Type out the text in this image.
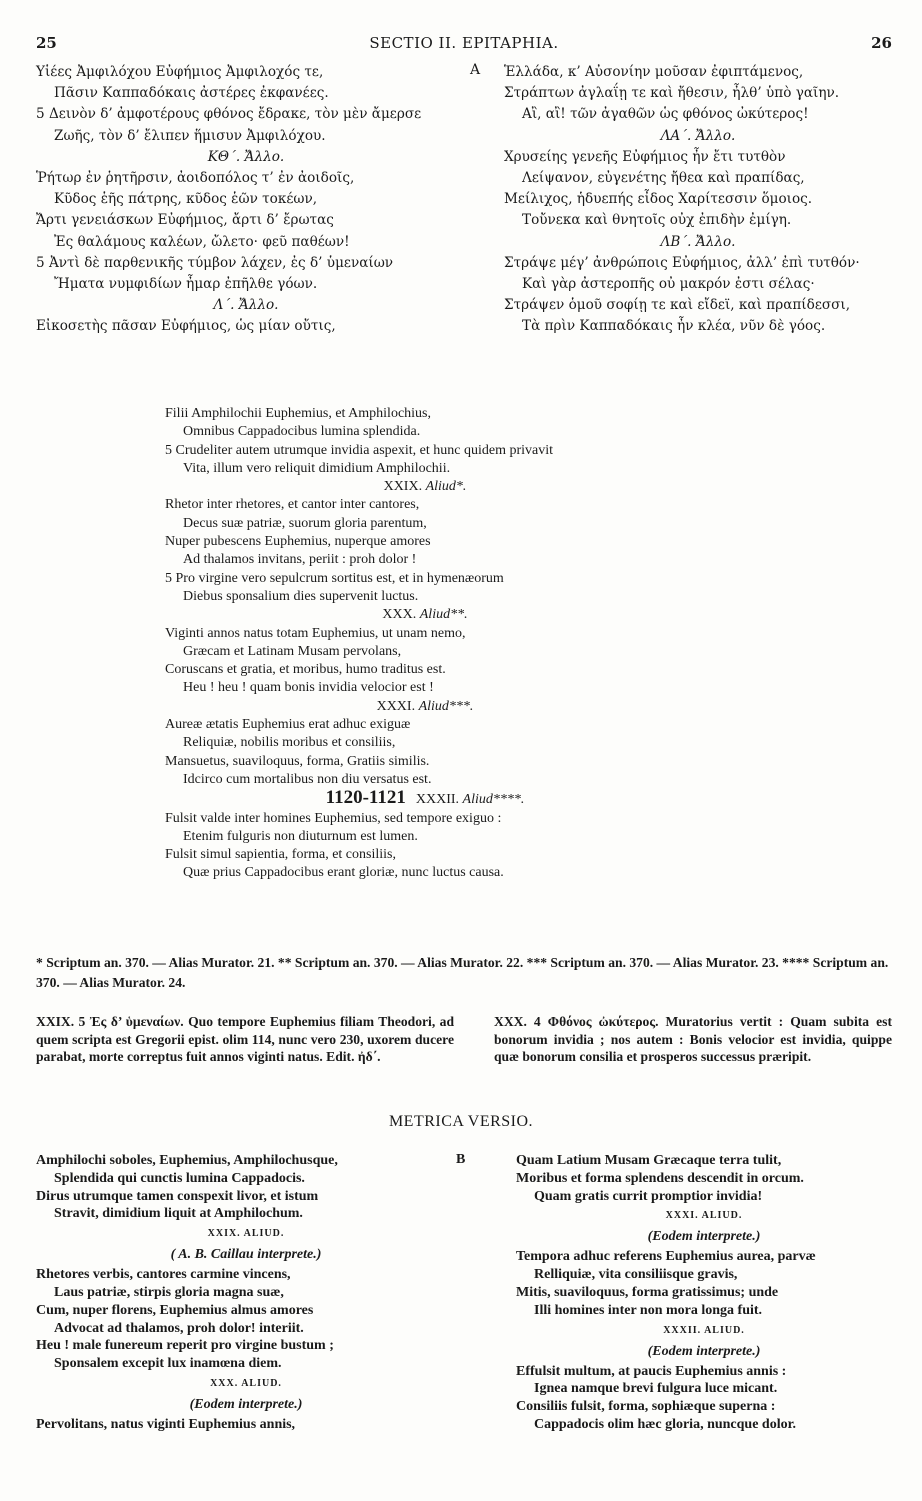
25	SECTIO II. EPITAPHIA.	26
Υἱέες Ἀμφιλόχου Εὐφήμιος Ἀμφιλοχός τε,
Πᾶσιν Καππαδόκαις ἀστέρες ἐκφανέες.
5 Δεινὸν δ’ ἀμφοτέρους φθόνος ἔδρακε, τὸν μὲν ἄμερσε
Ζωῆς, τὸν δ’ ἔλιπεν ἥμισυν Ἀμφιλόχου.
ΚΘ΄. Ἄλλο.
Ῥήτωρ ἐν ῥητῆρσιν, ἀοιδοπόλος τ’ ἐν ἀοιδοῖς,
Κῦδος ἑῆς πάτρης, κῦδος ἑῶν τοκέων,
Ἄρτι γενειάσκων Εὐφήμιος, ἄρτι δ’ ἔρωτας
Ἐς θαλάμους καλέων, ὤλετο· φεῦ παθέων!
5 Ἀντὶ δὲ παρθενικῆς τύμβον λάχεν, ἐς δ’ ὑμεναίων
Ἤματα νυμφιδίων ἦμαρ ἐπῆλθε γόων.
Λ΄. Ἄλλο.
Εἰκοσετὴς πᾶσαν Εὐφήμιος, ὡς μίαν οὔτις,
A	Ἑλλάδα, κ’ Αὐσονίην μοῦσαν ἐφιπτάμενος,
Στράπτων ἀγλαΐῃ τε καὶ ἤθεσιν, ἦλθ’ ὑπὸ γαῖην.
Αἲ, αἲ! τῶν ἀγαθῶν ὡς φθόνος ὠκύτερος!
ΛΑ΄. Ἄλλο.
Χρυσείης γενεῆς Εὐφήμιος ἦν ἔτι τυτθὸν
Λείψανον, εὐγενέτης ἤθεα καὶ πραπίδας,
Μείλιχος, ἡδυεπής εἶδος Χαρίτεσσιν ὅμοιος.
Τοὔνεκα καὶ θνητοῖς οὐχ ἐπιδὴν ἐμίγη.
ΛΒ΄. Ἄλλο.
Στράψε μέγ’ ἀνθρώποις Εὐφήμιος, ἀλλ’ ἐπὶ τυτθόν·
Καὶ γὰρ ἀστεροπῆς οὐ μακρόν ἐστι σέλας·
Στράψεν ὁμοῦ σοφίῃ τε καὶ εἴδεϊ, καὶ πραπίδεσσι,
Τὰ πρὶν Καππαδόκαις ἦν κλέα, νῦν δὲ γόος.
Filii Amphilochii Euphemius, et Amphilochius,
Omnibus Cappadocibus lumina splendida.
5 Crudeliter autem utrumque invidia aspexit, et hunc quidem privavit
Vita, illum vero reliquit dimidium Amphilochii.
XXIX. Aliud*.
Rhetor inter rhetores, et cantor inter cantores,
Decus suæ patriæ, suorum gloria parentum,
Nuper pubescens Euphemius, nuperque amores
Ad thalamos invitans, periit : proh dolor !
5 Pro virgine vero sepulcrum sortitus est, et in hymenæorum
Diebus sponsalium dies supervenit luctus.
XXX. Aliud**.
Viginti annos natus totam Euphemius, ut unam nemo,
Græcam et Latinam Musam pervolans,
Coruscans et gratia, et moribus, humo traditus est.
Heu ! heu ! quam bonis invidia velocior est !
XXXI. Aliud***.
Aureæ ætatis Euphemius erat adhuc exiguæ
Reliquiæ, nobilis moribus et consiliis,
Mansuetus, suaviloquus, forma, Gratiis similis.
Idcirco cum mortalibus non diu versatus est.
1120-1121 XXXII. Aliud****.
Fulsit valde inter homines Euphemius, sed tempore exiguo :
Etenim fulguris non diuturnum est lumen.
Fulsit simul sapientia, forma, et consiliis,
Quæ prius Cappadocibus erant gloriæ, nunc luctus causa.
* Scriptum an. 370. — Alias Murator. 21. ** Scriptum an. 370. — Alias Murator. 22. *** Scriptum an. 370. — Alias Murator. 23. **** Scriptum an. 370. — Alias Murator. 24.
XXIX. 5 Ἐς δ’ ὑμεναίων. Quo tempore Euphemius filiam Theodori, ad quem scripta est Gregorii epist. olim 114, nunc vero 230, uxorem ducere parabat, morte correptus fuit annos viginti natus. Edit. ἠδ΄.
XXX. 4 Φθόνος ὠκύτερος. Muratorius vertit : Quam subita est bonorum invidia ; nos autem : Bonis velocior est invidia, quippe quæ bonorum consilia et prosperos successus præripit.
METRICA VERSIO.
Amphilochi soboles, Euphemius, Amphilochusque,
Splendida qui cunctis lumina Cappadocis.
Dirus utrumque tamen conspexit livor, et istum
Stravit, dimidium liquit at Amphilochum.
XXIX. ALIUD.
( A. B. Caillau interprete.)
Rhetores verbis, cantores carmine vincens,
Laus patriæ, stirpis gloria magna suæ,
Cum, nuper florens, Euphemius almus amores
Advocat ad thalamos, proh dolor! interiit.
Heu ! male funereum reperit pro virgine bustum ;
Sponsalem excepit lux inamœna diem.
XXX. ALIUD.
(Eodem interprete.)
Pervolitans, natus viginti Euphemius annis,
B	Quam Latium Musam Græcaque terra tulit,
Moribus et forma splendens descendit in orcum.
Quam gratis currit promptior invidia!
XXXI. ALIUD.
(Eodem interprete.)
Tempora adhuc referens Euphemius aurea, parvæ
Relliquiæ, vita consiliisque gravis,
Mitis, suaviloquus, forma gratissimus; unde
Illi homines inter non mora longa fuit.
XXXII. ALIUD.
(Eodem interprete.)
Effulsit multum, at paucis Euphemius annis :
Ignea namque brevi fulgura luce micant.
Consiliis fulsit, forma, sophiæque superna :
Cappadocis olim hæc gloria, nuncque dolor.
